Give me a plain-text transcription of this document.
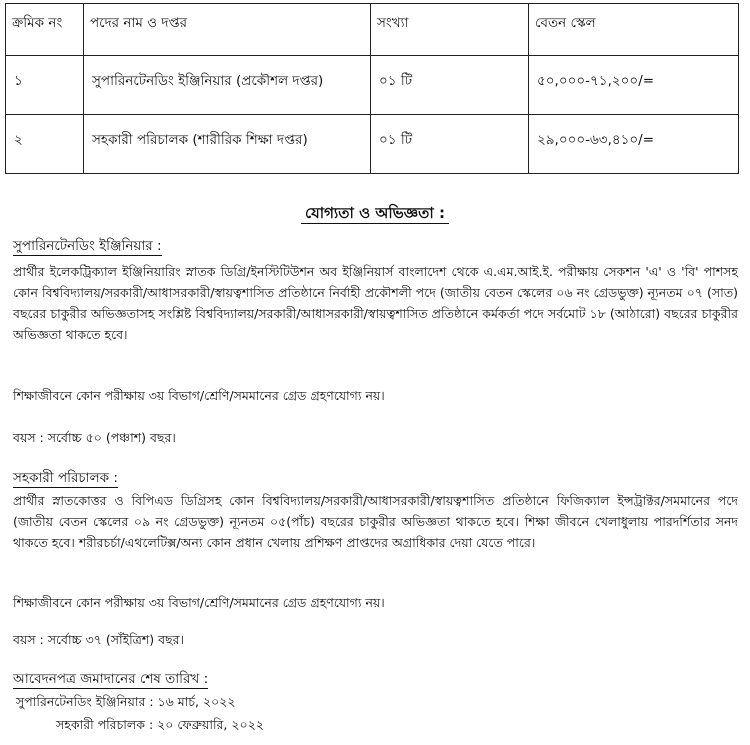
ক্রমিক নং	পদের নাম ও দপ্তর	সংখ্যা	বেতন স্কেল
১	সুপারিনটেনডিং ইঞ্জিনিয়ার (প্রকৌশল দপ্তর)	০১ টি	৫০,০০০-৭১,২০০/=
২	সহকারী পরিচালক (শারীরিক শিক্ষা দপ্তর)	০১ টি	২৯,০০০-৬৩,৪১০/=
যোগ্যতা ও অভিজ্ঞতা :
সুপারিনটেনডিং ইঞ্জিনিয়ার :

প্রার্থীর ইলেকট্রিক্যাল ইঞ্জিনিয়ারিং স্নাতক ডিগ্রি/ইনস্টিটিউশন অব ইঞ্জিনিয়ার্স বাংলাদেশ থেকে এ.এম.আই.ই. পরীক্ষায় সেকশন 'এ' ও 'বি' পাশসহ কোন বিশ্ববিদ্যালয়/সরকারী/আধাসরকারী/স্বায়ত্বশাসিত প্রতিষ্ঠানে নির্বাহী প্রকৌশলী পদে (জাতীয় বেতন স্কেলের ০৬ নং গ্রেডভুক্ত) ন্যূনতম ০৭ (সাত) বছরের চাকুরীর অভিজ্ঞতাসহ সংশ্লিষ্ট বিশ্ববিদ্যালয়/সরকারী/আধাসরকারী/স্বায়ত্বশাসিত প্রতিষ্ঠানে কর্মকর্তা পদে সর্বমোট ১৮ (আঠারো) বছরের চাকুরীর অভিজ্ঞতা থাকতে হবে।

শিক্ষাজীবনে কোন পরীক্ষায় ৩য় বিভাগ/শ্রেণি/সমমানের গ্রেড গ্রহণযোগ্য নয়।
বয়স : সর্বোচ্চ ৫০ (পঞ্চাশ) বছর।
সহকারী পরিচালক :

প্রার্থীর স্নাতকোত্তর ও বিপিএড ডিগ্রিসহ কোন বিশ্ববিদ্যালয়/সরকারী/আধাসরকারী/স্বায়ত্বশাসিত প্রতিষ্ঠানে ফিজিক্যাল ইন্সট্রাক্টর/সমমানের পদে (জাতীয় বেতন স্কেলের ০৯ নং গ্রেডভুক্ত) ন্যূনতম ০৫(পাঁচ) বছরের চাকুরীর অভিজ্ঞতা থাকতে হবে। শিক্ষা জীবনে খেলাধুলায় পারদর্শিতার সনদ থাকতে হবে। শরীরচর্চা/এথলেটিক্স/অন্য কোন প্রধান খেলায় প্রশিক্ষণ প্রাপ্তদের অগ্রাধিকার দেয়া যেতে পারে।

শিক্ষাজীবনে কোন পরীক্ষায় ৩য় বিভাগ/শ্রেণি/সমমানের গ্রেড গ্রহণযোগ্য নয়।
বয়স : সর্বোচ্চ ৩৭ (সাঁইত্রিশ) বছর।
আবেদনপত্র জমাদানের শেষ তারিখ :
সুপারিনটেনডিং ইঞ্জিনিয়ার : ১৬ মার্চ, ২০২২
সহকারী পরিচালক : ২০ ফেব্রুয়ারি, ২০২২
